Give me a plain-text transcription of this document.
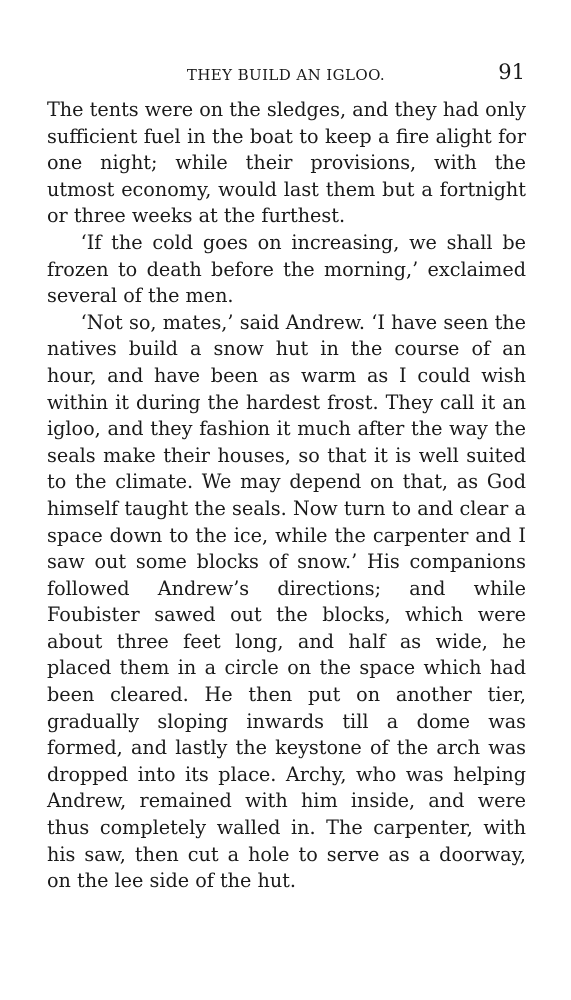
THEY BUILD AN IGLOO.	91

The tents were on the sledges, and they had only sufficient fuel in the boat to keep a fire alight for one night; while their provisions, with the utmost economy, would last them but a fortnight or three weeks at the furthest.

‘If the cold goes on increasing, we shall be frozen to death before the morning,’ exclaimed several of the men.

‘Not so, mates,’ said Andrew. ‘I have seen the natives build a snow hut in the course of an hour, and have been as warm as I could wish within it during the hardest frost. They call it an igloo, and they fashion it much after the way the seals make their houses, so that it is well suited to the climate. We may depend on that, as God himself taught the seals. Now turn to and clear a space down to the ice, while the carpenter and I saw out some blocks of snow.’ His companions followed Andrew’s directions; and while Foubister sawed out the blocks, which were about three feet long, and half as wide, he placed them in a circle on the space which had been cleared. He then put on another tier, gradually sloping inwards till a dome was formed, and lastly the keystone of the arch was dropped into its place. Archy, who was helping Andrew, remained with him inside, and were thus completely walled in. The carpenter, with his saw, then cut a hole to serve as a doorway, on the lee side of the hut.
